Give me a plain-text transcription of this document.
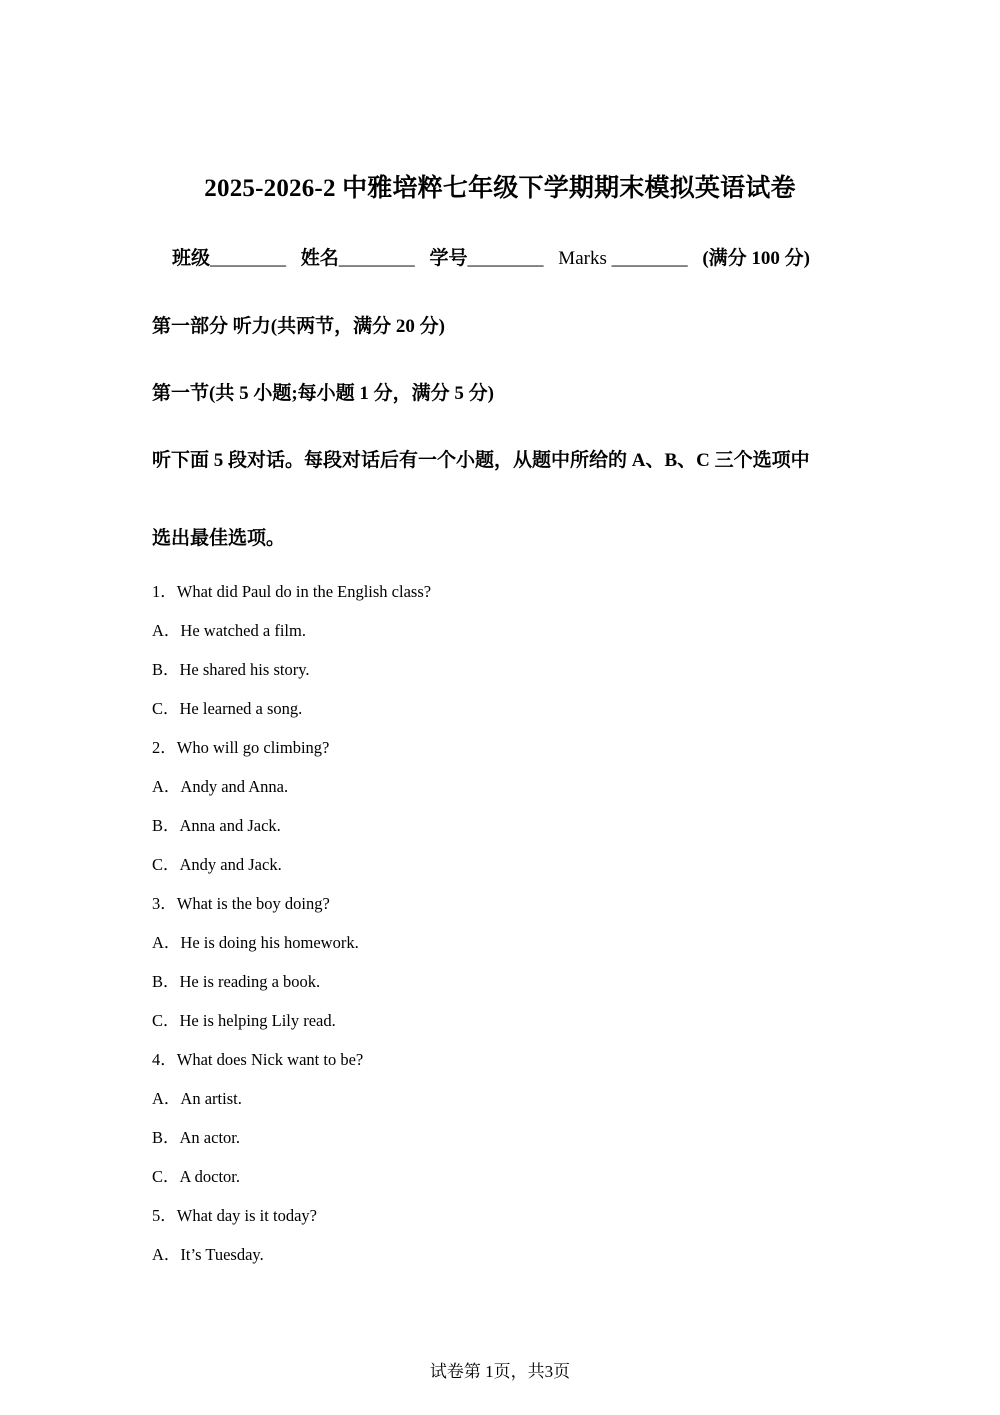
2025-2026-2 中雅培粹七年级下学期期末模拟英语试卷
班级________ 姓名________ 学号________ Marks ________ (满分 100 分)
第一部分 听力(共两节，满分 20 分)
第一节(共 5 小题;每小题 1 分，满分 5 分)
听下面 5 段对话。每段对话后有一个小题，从题中所给的 A、B、C 三个选项中
选出最佳选项。
1．What did Paul do in the English class?
A．He watched a film.
B．He shared his story.
C．He learned a song.
2．Who will go climbing?
A．Andy and Anna.
B．Anna and Jack.
C．Andy and Jack.
3．What is the boy doing?
A．He is doing his homework.
B．He is reading a book.
C．He is helping Lily read.
4．What does Nick want to be?
A．An artist.
B．An actor.
C．A doctor.
5．What day is it today?
A．It’s Tuesday.
试卷第 1页，共3页
